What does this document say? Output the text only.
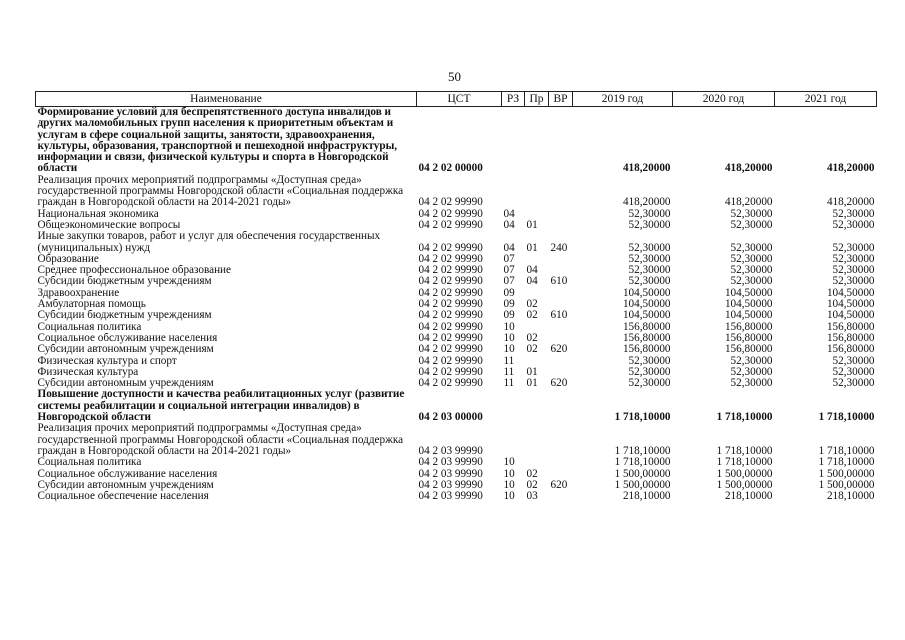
50
Наименование	ЦСТ	РЗ	Пр	ВР	2019 год	2020 год	2021 год
Формирование условий для беспрепятственного доступа инвалидов и других маломобильных групп населения к приоритетным объектам и услугам в сфере социальной защиты, занятости, здравоохранения, культуры, образования, транспортной и пешеходной инфраструктуры, информации и связи, физической культуры и спорта в Новгородской области	04 2 02 00000				418,20000	418,20000	418,20000
Реализация прочих мероприятий подпрограммы «Доступная среда» государственной программы Новгородской области «Социальная поддержка граждан в Новгородской области на 2014-2021 годы»	04 2 02 99990				418,20000	418,20000	418,20000
Национальная экономика	04 2 02 99990	04			52,30000	52,30000	52,30000
Общеэкономические вопросы	04 2 02 99990	04	01		52,30000	52,30000	52,30000
Иные закупки товаров, работ и услуг для обеспечения государственных (муниципальных) нужд	04 2 02 99990	04	01	240	52,30000	52,30000	52,30000
Образование	04 2 02 99990	07			52,30000	52,30000	52,30000
Среднее профессиональное образование	04 2 02 99990	07	04		52,30000	52,30000	52,30000
Субсидии бюджетным учреждениям	04 2 02 99990	07	04	610	52,30000	52,30000	52,30000
Здравоохранение	04 2 02 99990	09			104,50000	104,50000	104,50000
Амбулаторная помощь	04 2 02 99990	09	02		104,50000	104,50000	104,50000
Субсидии бюджетным учреждениям	04 2 02 99990	09	02	610	104,50000	104,50000	104,50000
Социальная политика	04 2 02 99990	10			156,80000	156,80000	156,80000
Социальное обслуживание населения	04 2 02 99990	10	02		156,80000	156,80000	156,80000
Субсидии автономным учреждениям	04 2 02 99990	10	02	620	156,80000	156,80000	156,80000
Физическая культура и спорт	04 2 02 99990	11			52,30000	52,30000	52,30000
Физическая культура	04 2 02 99990	11	01		52,30000	52,30000	52,30000
Субсидии автономным учреждениям	04 2 02 99990	11	01	620	52,30000	52,30000	52,30000
Повышение доступности и качества реабилитационных услуг (развитие системы реабилитации и социальной интеграции инвалидов) в Новгородской области	04 2 03 00000				1 718,10000	1 718,10000	1 718,10000
Реализация прочих мероприятий подпрограммы «Доступная среда» государственной программы Новгородской области «Социальная поддержка граждан в Новгородской области на 2014-2021 годы»	04 2 03 99990				1 718,10000	1 718,10000	1 718,10000
Социальная политика	04 2 03 99990	10			1 718,10000	1 718,10000	1 718,10000
Социальное обслуживание населения	04 2 03 99990	10	02		1 500,00000	1 500,00000	1 500,00000
Субсидии автономным учреждениям	04 2 03 99990	10	02	620	1 500,00000	1 500,00000	1 500,00000
Социальное обеспечение населения	04 2 03 99990	10	03		218,10000	218,10000	218,10000
